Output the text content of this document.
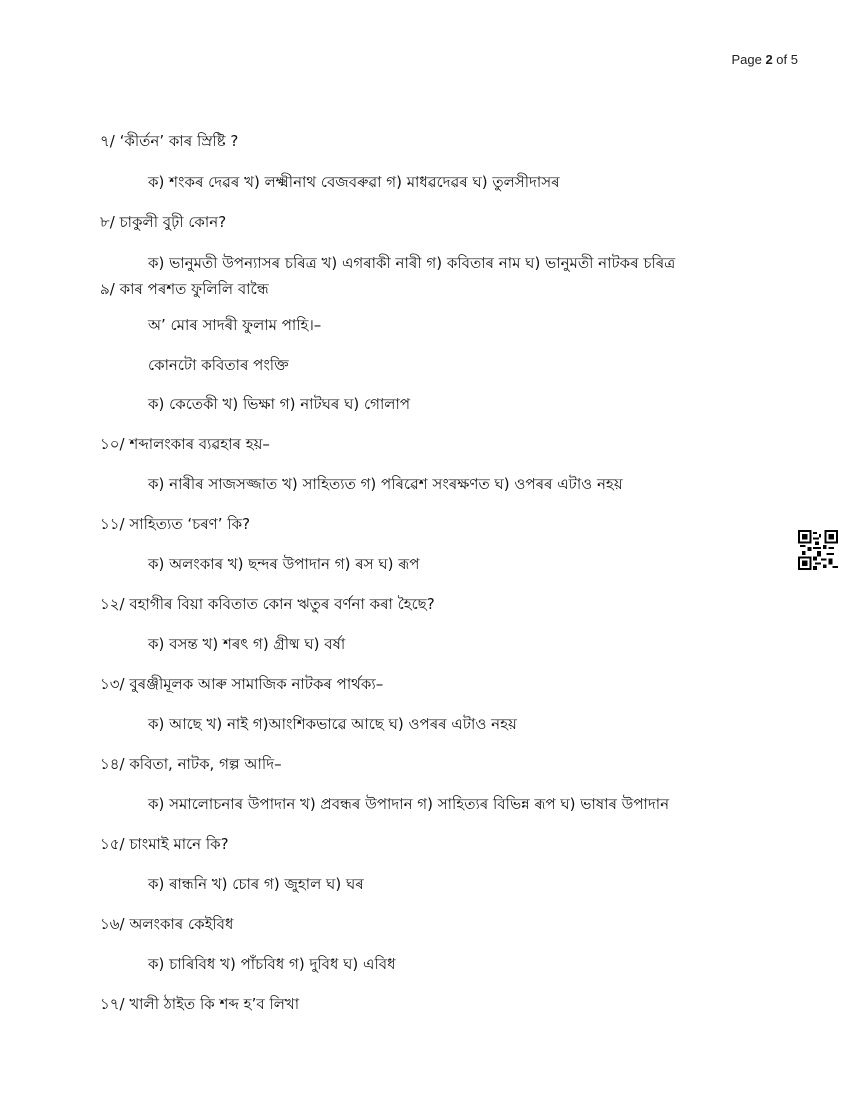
Page 2 of 5
৭/ ‘কীৰ্তন’ কাৰ স্ৰিষ্টি ?
ক) শংকৰ দেৱৰ খ) লক্ষ্মীনাথ বেজবৰুৱা গ) মাধৱদেৱৰ ঘ) তুলসীদাসৰ
৮/ চাকুলী বুঢ়ী কোন?
ক) ভানুমতী উপন্যাসৰ চৰিত্ৰ খ) এগৰাকী নাৰী গ) কবিতাৰ নাম ঘ) ভানুমতী নাটকৰ চৰিত্ৰ
৯/ কাৰ পৰশত ফুলিলি বান্ধৈ
অ’ মোৰ সাদৰী ফুলাম পাহি।–
কোনটো কবিতাৰ পংক্তি
ক) কেতেকী খ) ভিক্ষা গ) নাটঘৰ ঘ) গোলাপ
১০/ শব্দালংকাৰ ব্যৱহাৰ হয়–
ক) নাৰীৰ সাজসজ্জাত খ) সাহিত্যত গ) পৰিৱেশ সংৰক্ষণত ঘ) ওপৰৰ এটাও নহয়
১১/ সাহিত্যত ‘চৰণ’ কি?
ক) অলংকাৰ খ) ছন্দৰ উপাদান গ) ৰস ঘ) ৰূপ
১২/ বহাগীৰ বিয়া কবিতাত কোন ঋতুৰ বৰ্ণনা কৰা হৈছে?
ক) বসন্ত খ) শৰৎ গ) গ্ৰীষ্ম ঘ) বৰ্ষা
১৩/ বুৰঞ্জীমূলক আৰু সামাজিক নাটকৰ পাৰ্থক্য–
ক) আছে খ) নাই গ)আংশিকভাৱে আছে ঘ) ওপৰৰ এটাও নহয়
১৪/ কবিতা, নাটক, গল্প আদি–
ক) সমালোচনাৰ উপাদান খ) প্ৰবন্ধৰ উপাদান গ) সাহিত্যৰ বিভিন্ন ৰূপ ঘ) ভাষাৰ উপাদান
১৫/ চাংমাই মানে কি?
ক) ৰান্ধনি খ) চোৰ গ) জুহাল ঘ) ঘৰ
১৬/ অলংকাৰ কেইবিধ
ক) চাৰিবিধ খ) পাঁচবিধ গ) দুবিধ ঘ) এবিধ
১৭/ খালী ঠাইত কি শব্দ হ’ব লিখা
